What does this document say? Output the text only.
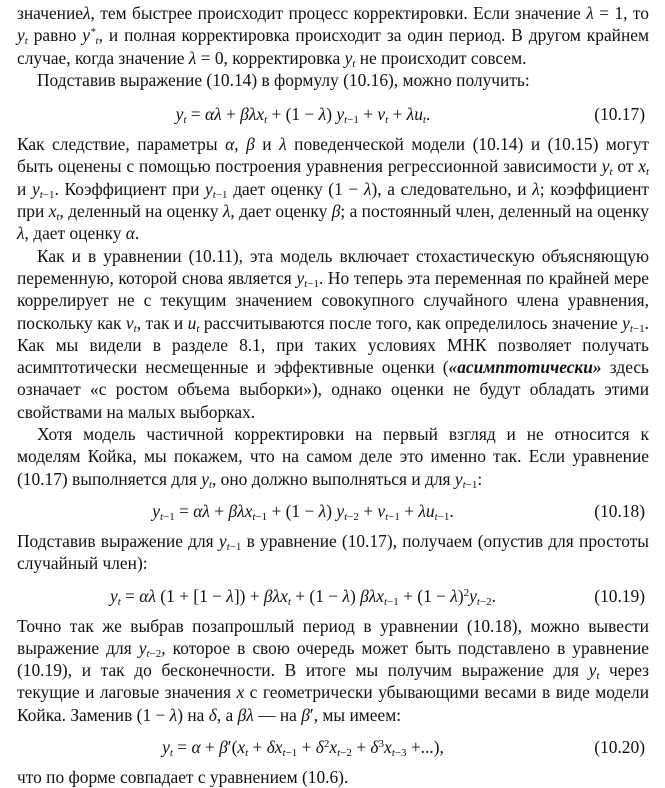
значениеλ, тем быстрее происходит процесс корректировки. Если значение λ = 1, то $y_t$ равно $y^*_t$, и полная корректировка происходит за один период. В другом крайнем случае, когда значение λ = 0, корректировка $y_t$ не происходит совсем.

Подставив выражение (10.14) в формулу (10.16), можно получить:

$y_t = \alpha\lambda + \beta\lambda x_t + (1 - \lambda) y_{t-1} + v_t + \lambda u_t$.	(10.17)

Как следствие, параметры α, β и λ поведенческой модели (10.14) и (10.15) могут быть оценены с помощью построения уравнения регрессионной зависимости $y_t$ от $x_t$ и $y_{t-1}$. Коэффициент при $y_{t-1}$ дает оценку (1 − λ), а следовательно, и λ; коэффициент при $x_t$, деленный на оценку λ, дает оценку β; а постоянный член, деленный на оценку λ, дает оценку α.

Как и в уравнении (10.11), эта модель включает стохастическую объясняющую переменную, которой снова является $y_{t-1}$. Но теперь эта переменная по крайней мере коррелирует не с текущим значением совокупного случайного члена уравнения, поскольку как $v_t$, так и $u_t$ рассчитываются после того, как определилось значение $y_{t-1}$. Как мы видели в разделе 8.1, при таких условиях МНК позволяет получать асимптотически несмещенные и эффективные оценки («асимптотически» здесь означает «с ростом объема выборки»), однако оценки не будут обладать этими свойствами на малых выборках.

Хотя модель частичной корректировки на первый взгляд и не относится к моделям Койка, мы покажем, что на самом деле это именно так. Если уравнение (10.17) выполняется для $y_t$, оно должно выполняться и для $y_{t-1}$:

$y_{t-1} = \alpha\lambda + \beta\lambda x_{t-1} + (1 - \lambda) y_{t-2} + v_{t-1} + \lambda u_{t-1}$.	(10.18)

Подставив выражение для $y_{t-1}$ в уравнение (10.17), получаем (опустив для простоты случайный член):

$y_t = \alpha\lambda$ (1 + [1 − λ]) + βλx$_t$ + (1 − λ) $\beta\lambda x_{t-1} + (1 - \lambda)^2y_{t-2}$.	(10.19)

Точно так же выбрав позапрошлый период в уравнении (10.18), можно вывести выражение для $y_{t-2}$, которое в свою очередь может быть подставлено в уравнение (10.19), и так до бесконечности. В итоге мы получим выражение для $y_t$ через текущие и лаговые значения x с геометрически убывающими весами в виде модели Койка. Заменив (1 − λ) на δ, а βλ — на β′, мы имеем:

$y_t = \alpha + \beta'(x_t + \delta x_{t-1} + \delta^2x_{t-2} + \delta^3x_{t-3}$ +...),	(10.20)

что по форме совпадает с уравнением (10.6).
